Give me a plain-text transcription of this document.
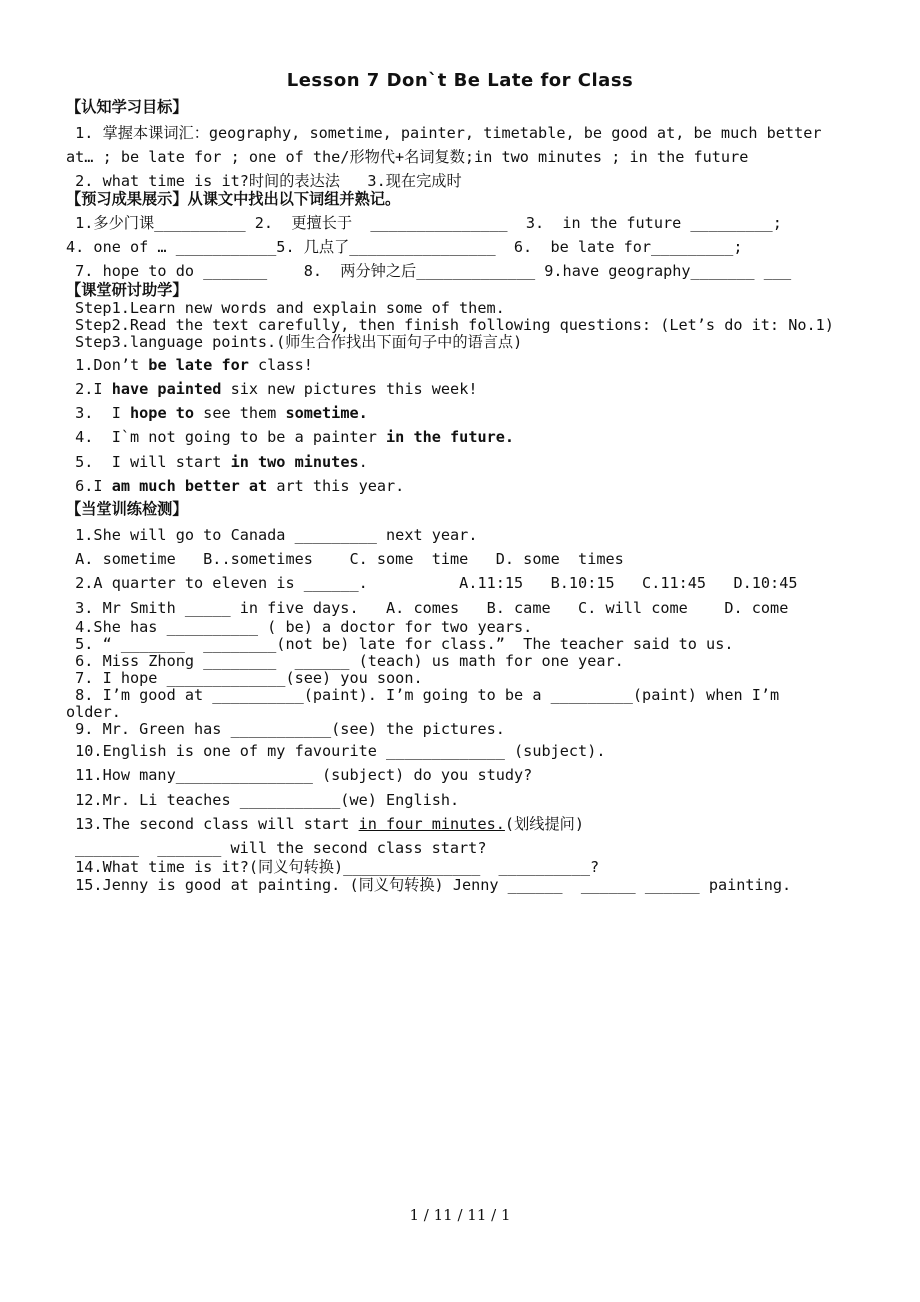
Lesson 7 Don`t Be Late for Class
【认知学习目标】
1. 掌握本课词汇：geography, sometime, painter, timetable, be good at, be much better
at… ; be late for ; one of the/形物代+名词复数;in two minutes ; in the future
2. what time is it?时间的表达法   3.现在完成时
【预习成果展示】从课文中找出以下词组并熟记。
1.多少门课__________ 2.  更擅长于  _______________  3.  in the future _________;
4. one of … ___________5. 几点了________________  6.  be late for_________;
7. hope to do _______    8.  两分钟之后_____________ 9.have geography_______ ___
【课堂研讨助学】
Step1.Learn new words and explain some of them.
Step2.Read the text carefully, then finish following questions: (Let’s do it: No.1)
Step3.language points.(师生合作找出下面句子中的语言点)
1.Don’t be late for class!
2.I have painted six new pictures this week!
3.  I hope to see them sometime.
4.  I`m not going to be a painter in the future.
5.  I will start in two minutes.
6.I am much better at art this year.
【当堂训练检测】
1.She will go to Canada _________ next year.
A. sometime   B..sometimes    C. some  time   D. some  times
2.A quarter to eleven is ______.          A.11:15   B.10:15   C.11:45   D.10:45
3. Mr Smith _____ in five days.   A. comes   B. came   C. will come    D. come
4.She has __________ ( be) a doctor for two years.
5. “ _______  ________(not be) late for class.”  The teacher said to us.
6. Miss Zhong ________  ______ (teach) us math for one year.
7. I hope _____________(see) you soon.
8. I’m good at __________(paint). I’m going to be a _________(paint) when I’m
older.
9. Mr. Green has ___________(see) the pictures.
10.English is one of my favourite _____________ (subject).
11.How many_______________ (subject) do you study?
12.Mr. Li teaches ___________(we) English.
13.The second class will start in four minutes.(划线提问)
_______  _______ will the second class start?
14.What time is it?(同义句转换)_______________  __________?
15.Jenny is good at painting. (同义句转换) Jenny ______  ______ ______ painting.
1 / 11 / 11 / 1
